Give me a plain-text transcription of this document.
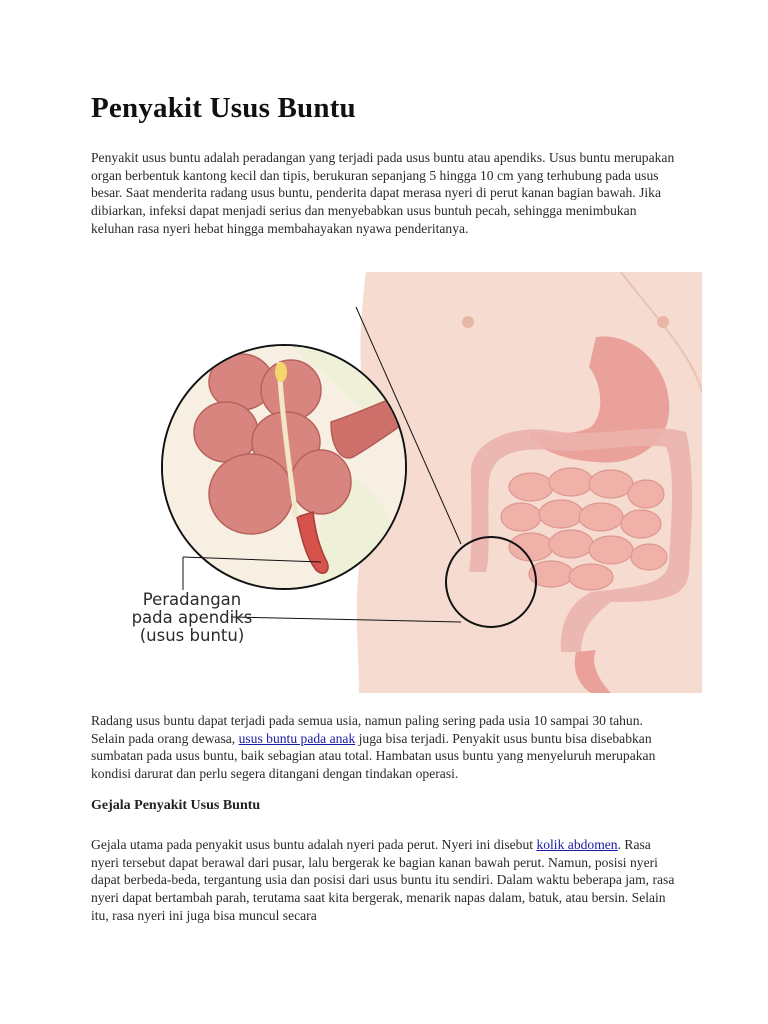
Penyakit Usus Buntu

Penyakit usus buntu adalah peradangan yang terjadi pada usus buntu atau apendiks. Usus buntu merupakan organ berbentuk kantong kecil dan tipis, berukuran sepanjang 5 hingga 10 cm yang terhubung pada usus besar. Saat menderita radang usus buntu, penderita dapat merasa nyeri di perut kanan bagian bawah. Jika dibiarkan, infeksi dapat menjadi serius dan menyebabkan usus buntuh pecah, sehingga menimbukan keluhan rasa nyeri hebat hingga membahayakan nyawa penderitanya.

Peradangan pada apendiks (usus buntu)

Radang usus buntu dapat terjadi pada semua usia, namun paling sering pada usia 10 sampai 30 tahun. Selain pada orang dewasa, usus buntu pada anak juga bisa terjadi. Penyakit usus buntu bisa disebabkan sumbatan pada usus buntu, baik sebagian atau total. Hambatan usus buntu yang menyeluruh merupakan kondisi darurat dan perlu segera ditangani dengan tindakan operasi.

Gejala Penyakit Usus Buntu

Gejala utama pada penyakit usus buntu adalah nyeri pada perut. Nyeri ini disebut kolik abdomen. Rasa nyeri tersebut dapat berawal dari pusar, lalu bergerak ke bagian kanan bawah perut. Namun, posisi nyeri dapat berbeda-beda, tergantung usia dan posisi dari usus buntu itu sendiri. Dalam waktu beberapa jam, rasa nyeri dapat bertambah parah, terutama saat kita bergerak, menarik napas dalam, batuk, atau bersin. Selain itu, rasa nyeri ini juga bisa muncul secara
